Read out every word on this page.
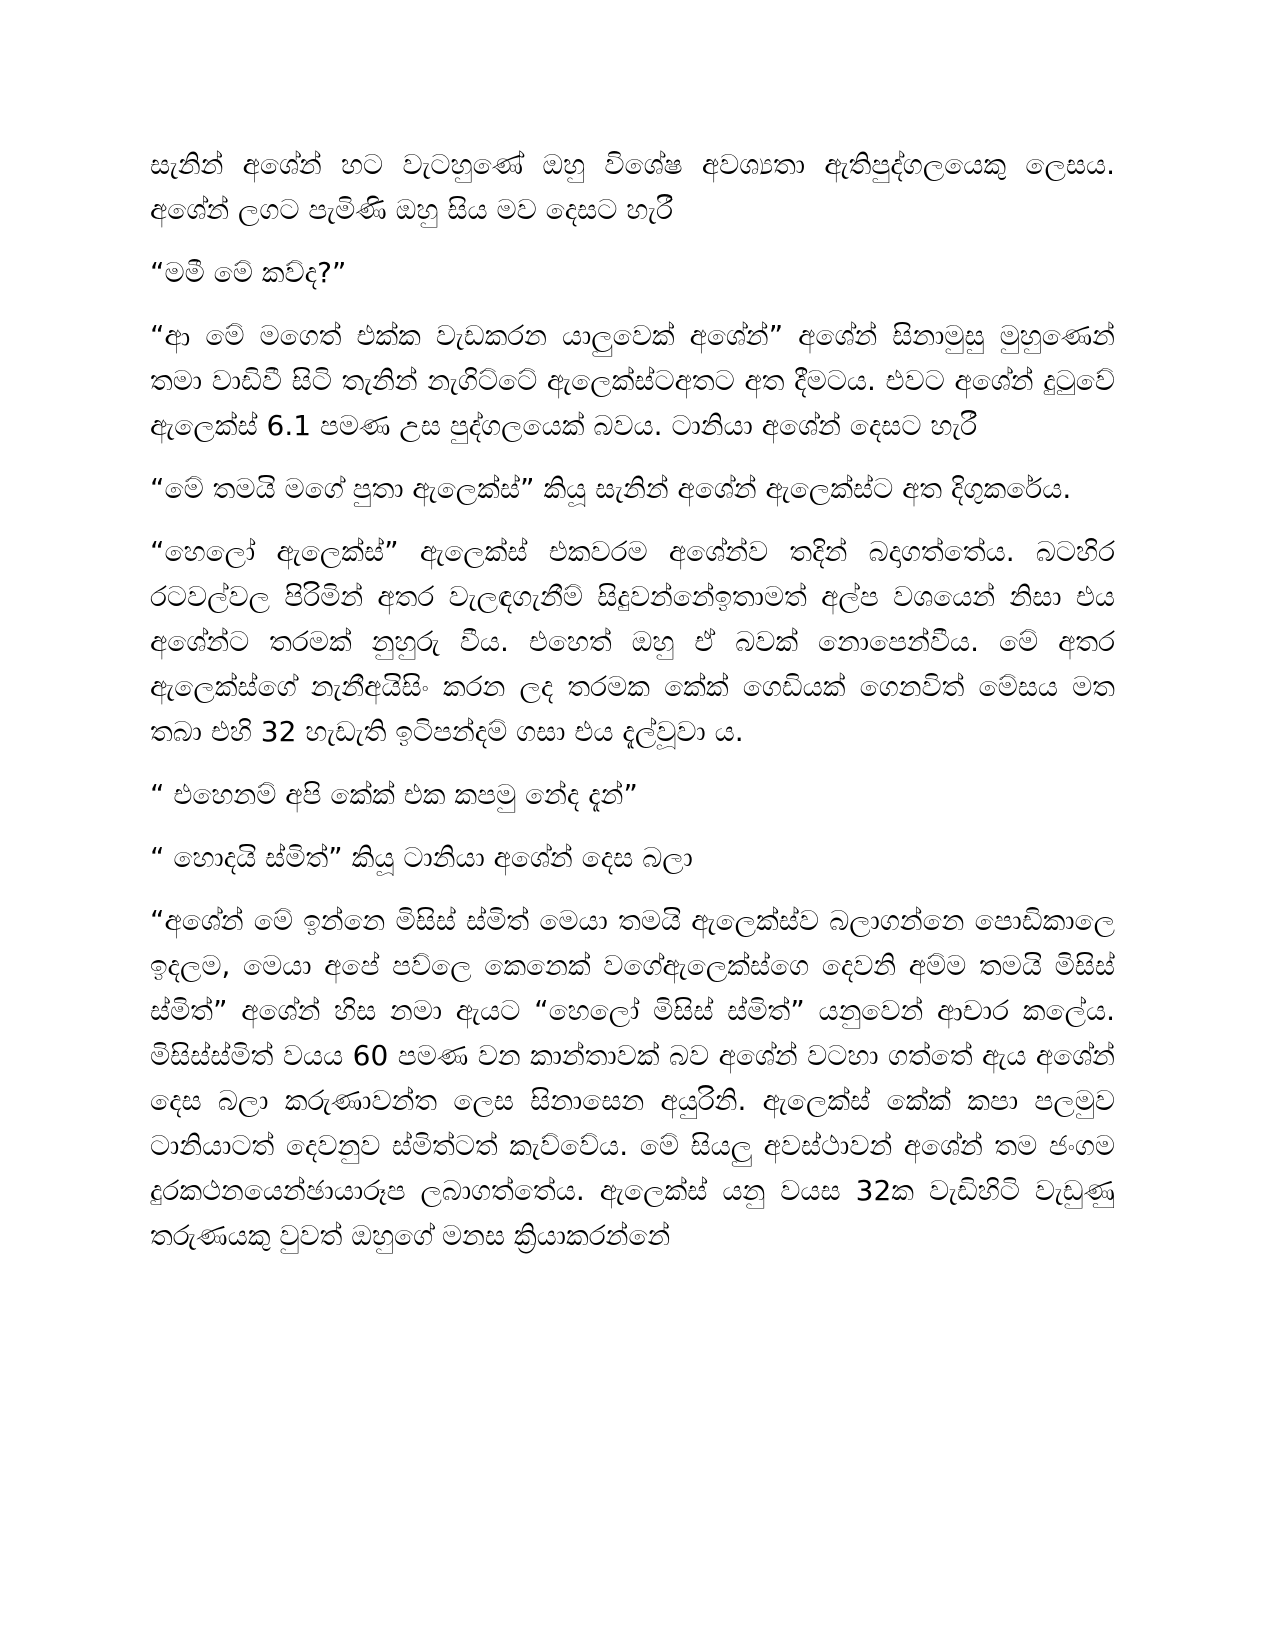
සැනින් අශේන් හට වැටහුණේ ඔහු විශේෂ අවශ්‍යතා ඇතිපුද්ගලයෙකු ලෙසය. අශේන් ලගට පැමිණි ඔහු සිය මව දෙසට හැරී

“මමී මේ කව්ද?”

“ආ මේ මගෙත් එක්ක වැඩකරන යාලුවෙක් අශේන්” අශේන් සිනාමුසු මුහුණෙන් තමා වාඩිවී සිටි තැනින් නැගිට්ටේ ඇලෙක්ස්ටඅතට අත දීමටය. එවට අශේන් දුටුවේ ඇලෙක්ස් 6.1 පමණ උස පුද්ගලයෙක් බවය. ටානියා අශේන් දෙසට හැරී

“මේ තමයි මගේ පුතා ඇලෙක්ස්” කියූ සැනින් අශේන් ඇලෙක්ස්ට අත දිගුකරේය.

“හෙලෝ ඇලෙක්ස්” ඇලෙක්ස් එකවරම අශේන්ව තදින් බදාගත්තේය. බටහිර රටවල්වල පිරිමින් අතර වැලඳගැනීම් සිදුවන්නේඉතාමත් අල්ප වශයෙන් නිසා එය අශේන්ට තරමක් නුහුරු වීය. එහෙත් ඔහු ඒ බවක් නොපෙන්වීය. මේ අතර ඇලෙක්ස්ගේ නැනීඅයිසිං කරන ලද තරමක කේක් ගෙඩියක් ගෙනවිත් මේසය මත තබා එහි 32 හැඩැති ඉටිපන්දම් ගසා එය දැල්වූවා ය.

“ එහෙනම් අපි කේක් එක කපමු නේද දැන්”

“ හොදයි ස්මිත්” කියූ ටානියා අශේන් දෙස බලා

“අශේන් මේ ඉන්නෙ මිසිස් ස්මිත් මෙයා තමයි ඇලෙක්ස්ව බලාගන්නෙ පොඩිකාලෙ ඉදලම, මෙයා අපේ පව්ලෙ කෙනෙක් වගේඇලෙක්ස්ගෙ දෙවනි අම්ම තමයි මිසිස් ස්මිත්” අශේන් හිස නමා ඇයට “හෙලෝ මිසිස් ස්මිත්” යනුවෙන් ආචාර කලේය. මිසිස්ස්මිත් වයය 60 පමණ වන කාන්තාවක් බව අශේන් වටහා ගත්තේ ඇය අශේන් දෙස බලා කරුණාවන්ත ලෙස සිනාසෙන අයුරිනි. ඇලෙක්ස් කේක් කපා පලමුව ටානියාටත් දෙවනුව ස්මිත්ටත් කැව්වේය. මේ සියලු අවස්ථාවන් අශේන් තම ජංගම දුරකථනයෙන්ඡායාරූප ලබාගත්තේය. ඇලෙක්ස් යනු වයස 32ක වැඩිහිටි වැඩුණු තරුණයකු වුවත් ඔහුගේ මනස ක්‍රියාකරන්නේ
